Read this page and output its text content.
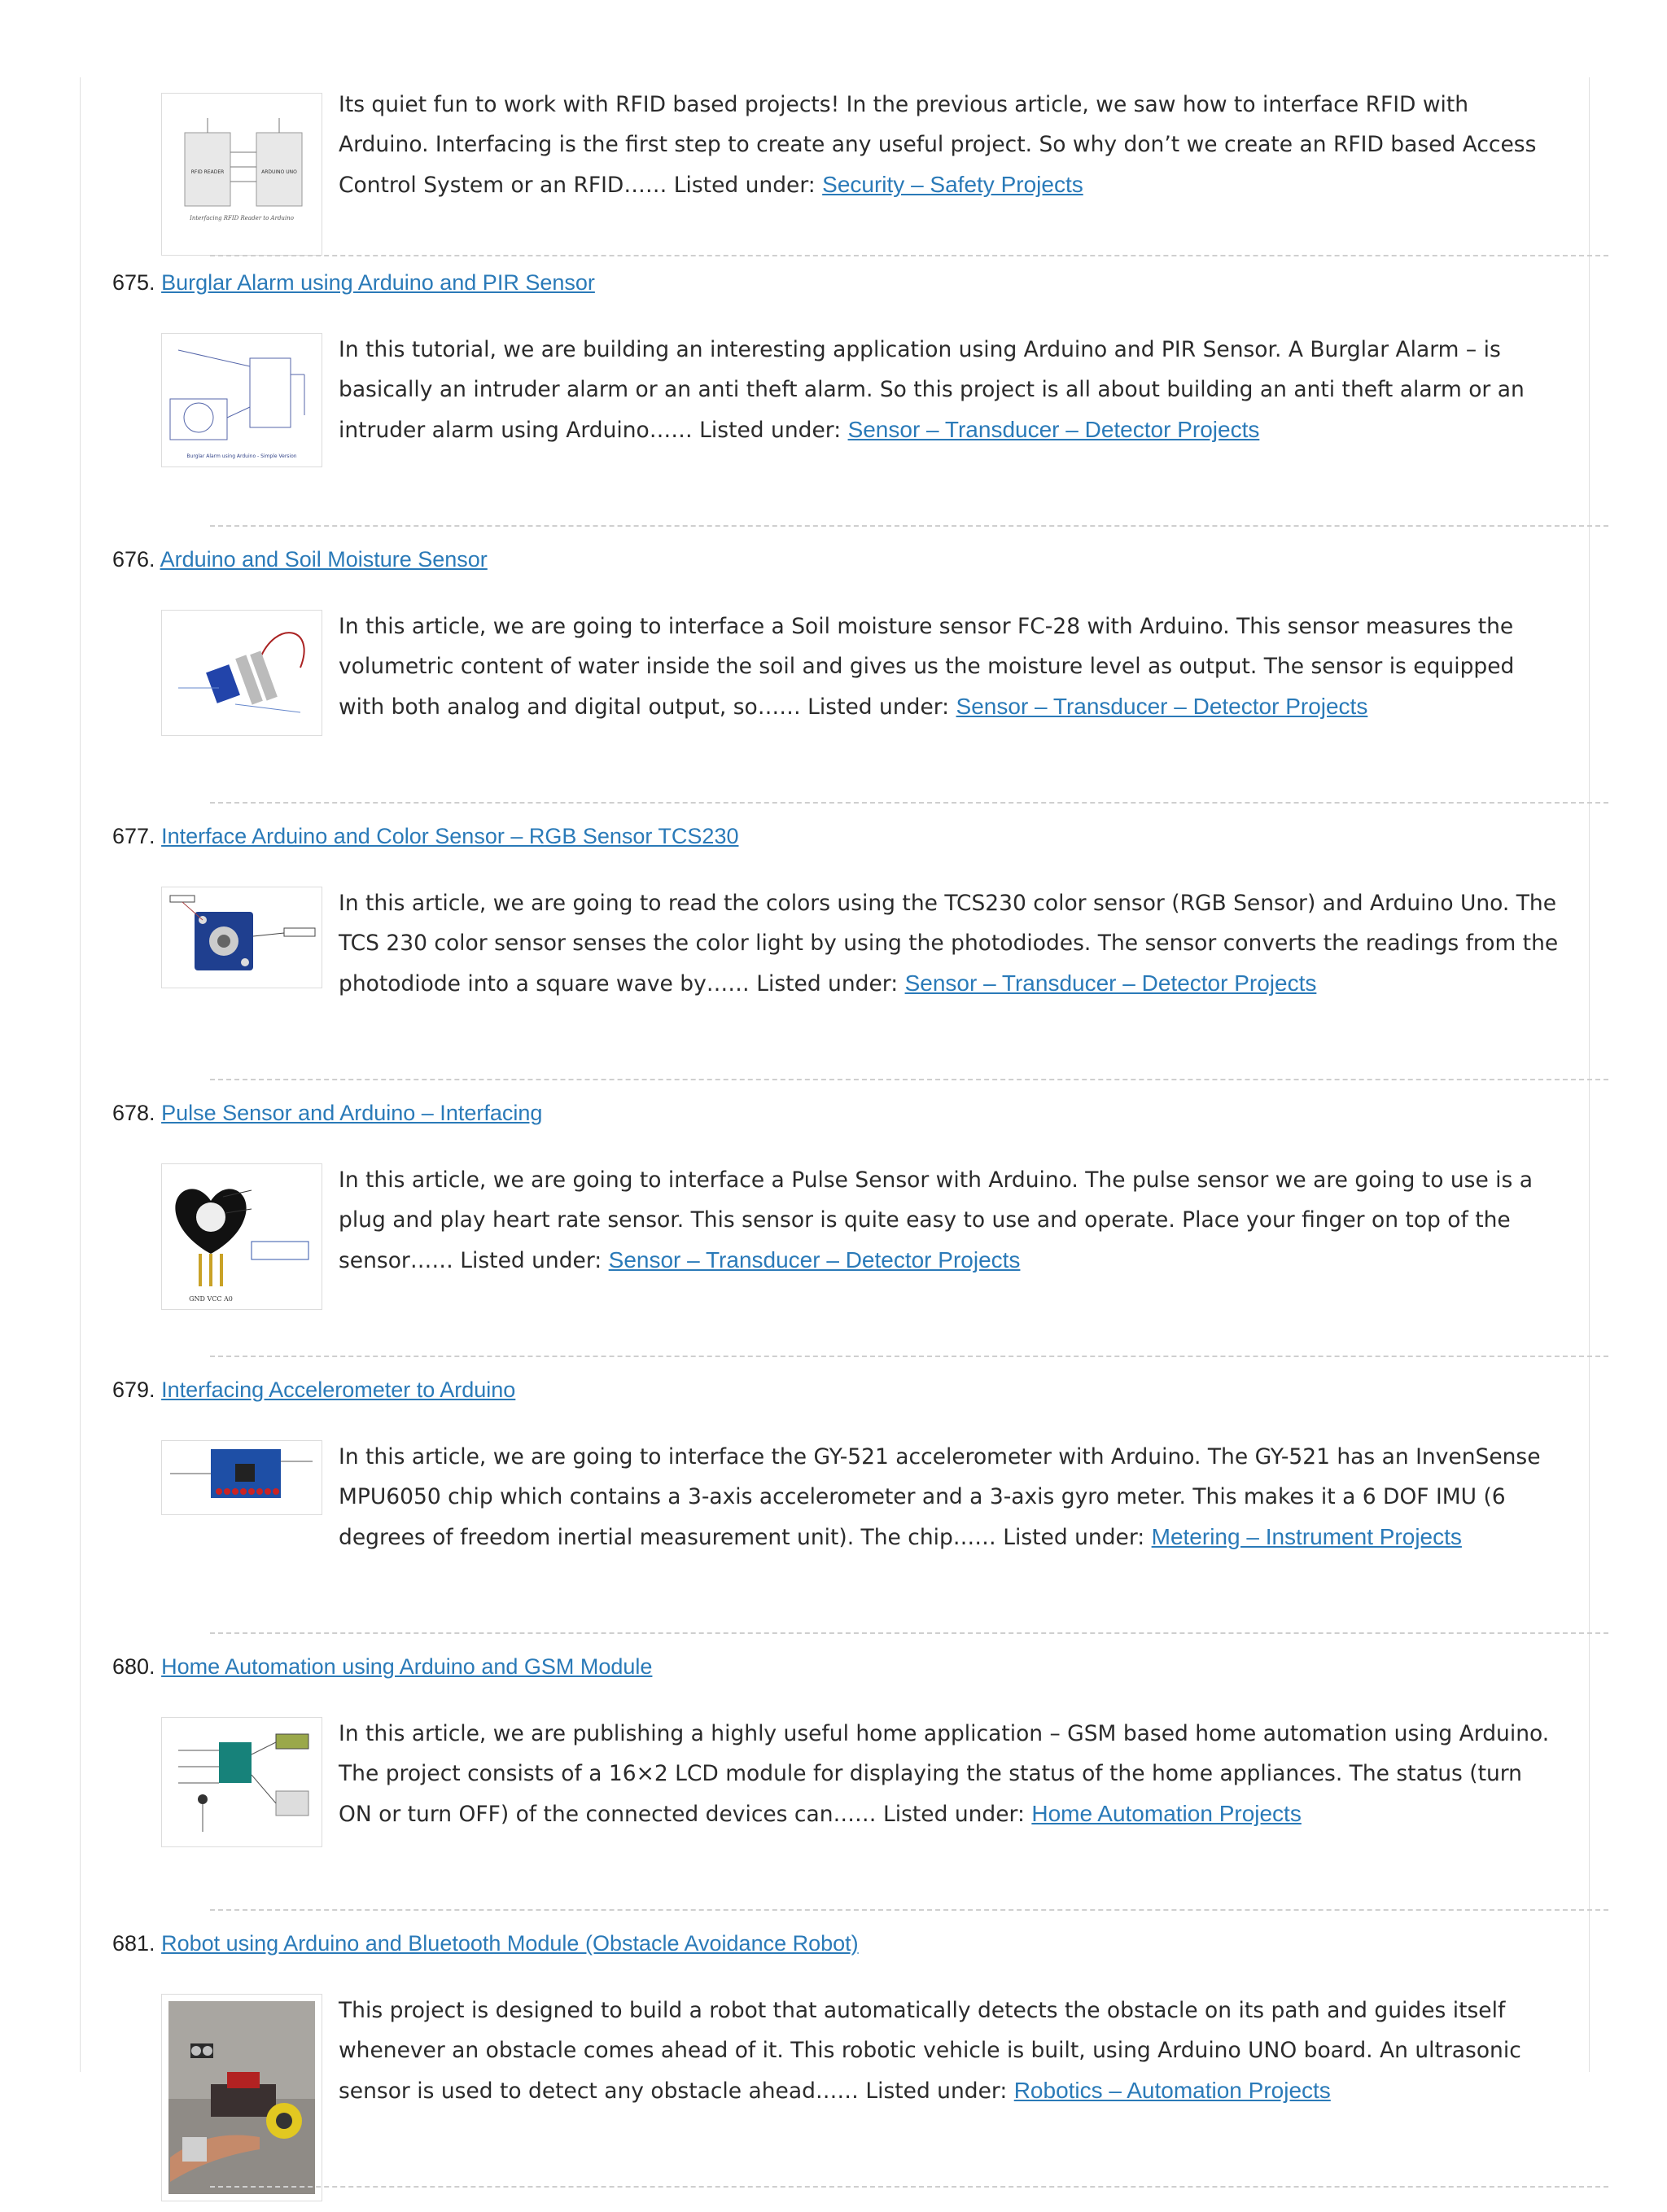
RFID READER	ARDUINO UNO
Interfacing RFID Reader to Arduino

Its quiet fun to work with RFID based projects! In the previous article, we saw how to interface RFID with Arduino. Interfacing is the first step to create any useful project. So why don’t we create an RFID based Access Control System or an RFID…… Listed under: Security – Safety Projects

675. Burglar Alarm using Arduino and PIR Sensor
Burglar Alarm using Arduino - Simple Version

In this tutorial, we are building an interesting application using Arduino and PIR Sensor. A Burglar Alarm – is basically an intruder alarm or an anti theft alarm. So this project is all about building an anti theft alarm or an intruder alarm using Arduino…… Listed under: Sensor – Transducer – Detector Projects

676. Arduino and Soil Moisture Sensor

In this article, we are going to interface a Soil moisture sensor FC-28 with Arduino. This sensor measures the volumetric content of water inside the soil and gives us the moisture level as output. The sensor is equipped with both analog and digital output, so…… Listed under: Sensor – Transducer – Detector Projects

677. Interface Arduino and Color Sensor – RGB Sensor TCS230

In this article, we are going to read the colors using the TCS230 color sensor (RGB Sensor) and Arduino Uno. The TCS 230 color sensor senses the color light by using the photodiodes. The sensor converts the readings from the photodiode into a square wave by…… Listed under: Sensor – Transducer – Detector Projects

678. Pulse Sensor and Arduino – Interfacing
GND VCC A0

In this article, we are going to interface a Pulse Sensor with Arduino. The pulse sensor we are going to use is a plug and play heart rate sensor. This sensor is quite easy to use and operate. Place your finger on top of the sensor…… Listed under: Sensor – Transducer – Detector Projects

679. Interfacing Accelerometer to Arduino

In this article, we are going to interface the GY-521 accelerometer with Arduino. The GY-521 has an InvenSense MPU6050 chip which contains a 3-axis accelerometer and a 3-axis gyro meter. This makes it a 6 DOF IMU (6 degrees of freedom inertial measurement unit). The chip…… Listed under: Metering – Instrument Projects

680. Home Automation using Arduino and GSM Module

In this article, we are publishing a highly useful home application – GSM based home automation using Arduino. The project consists of a 16×2 LCD module for displaying the status of the home appliances. The status (turn ON or turn OFF) of the connected devices can…… Listed under: Home Automation Projects

681. Robot using Arduino and Bluetooth Module (Obstacle Avoidance Robot)

This project is designed to build a robot that automatically detects the obstacle on its path and guides itself whenever an obstacle comes ahead of it. This robotic vehicle is built, using Arduino UNO board. An ultrasonic sensor is used to detect any obstacle ahead…… Listed under: Robotics – Automation Projects
